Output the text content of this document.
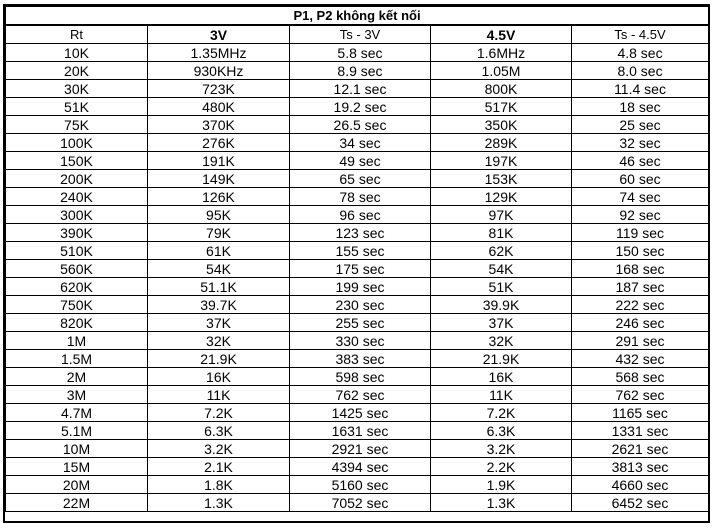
P1, P2 không kết nối				
Rt	3V	Ts - 3V	4.5V	Ts - 4.5V
10K	1.35MHz	5.8 sec	1.6MHz	4.8 sec
20K	930KHz	8.9 sec	1.05M	8.0 sec
30K	723K	12.1 sec	800K	11.4 sec
51K	480K	19.2 sec	517K	18 sec
75K	370K	26.5 sec	350K	25 sec
100K	276K	34 sec	289K	32 sec
150K	191K	49 sec	197K	46 sec
200K	149K	65 sec	153K	60 sec
240K	126K	78 sec	129K	74 sec
300K	95K	96 sec	97K	92 sec
390K	79K	123 sec	81K	119 sec
510K	61K	155 sec	62K	150 sec
560K	54K	175 sec	54K	168 sec
620K	51.1K	199 sec	51K	187 sec
750K	39.7K	230 sec	39.9K	222 sec
820K	37K	255 sec	37K	246 sec
1M	32K	330 sec	32K	291 sec
1.5M	21.9K	383 sec	21.9K	432 sec
2M	16K	598 sec	16K	568 sec
3M	11K	762 sec	11K	762 sec
4.7M	7.2K	1425 sec	7.2K	1165 sec
5.1M	6.3K	1631 sec	6.3K	1331 sec
10M	3.2K	2921 sec	3.2K	2621 sec
15M	2.1K	4394 sec	2.2K	3813 sec
20M	1.8K	5160 sec	1.9K	4660 sec
22M	1.3K	7052 sec	1.3K	6452 sec
